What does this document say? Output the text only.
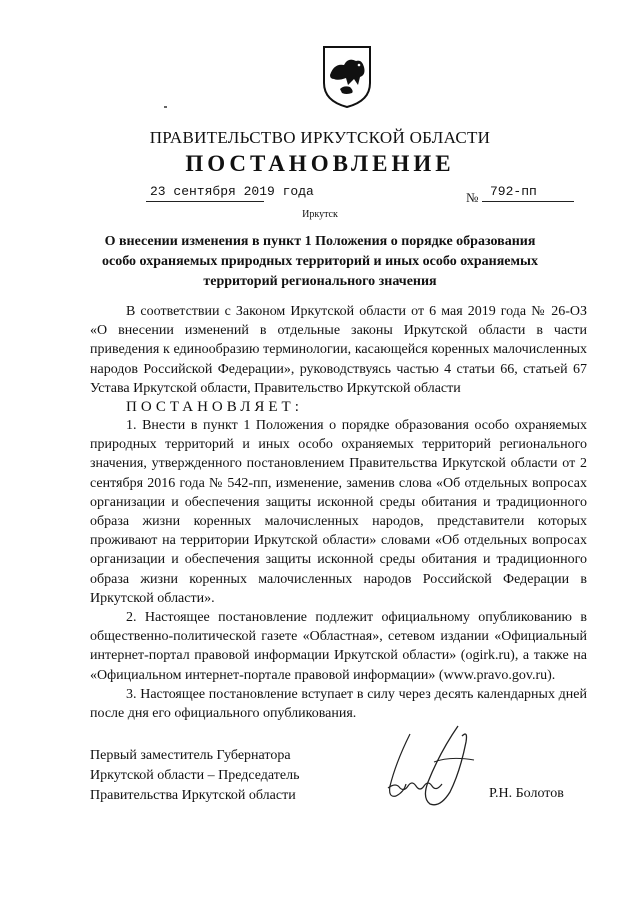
ПРАВИТЕЛЬСТВО ИРКУТСКОЙ ОБЛАСТИ
ПОСТАНОВЛЕНИЕ
23 сентября 2019 года	№ 792-пп
Иркутск
О внесении изменения в пункт 1 Положения о порядке образования особо охраняемых природных территорий и иных особо охраняемых территорий регионального значения

В соответствии с Законом Иркутской области от 6 мая 2019 года № 26-ОЗ «О внесении изменений в отдельные законы Иркутской области в части приведения к единообразию терминологии, касающейся коренных малочисленных народов Российской Федерации», руководствуясь частью 4 статьи 66, статьей 67 Устава Иркутской области, Правительство Иркутской области

ПОСТАНОВЛЯЕТ:

1. Внести в пункт 1 Положения о порядке образования особо охраняемых природных территорий и иных особо охраняемых территорий регионального значения, утвержденного постановлением Правительства Иркутской области от 2 сентября 2016 года № 542-пп, изменение, заменив слова «Об отдельных вопросах организации и обеспечения защиты исконной среды обитания и традиционного образа жизни коренных малочисленных народов, представители которых проживают на территории Иркутской области» словами «Об отдельных вопросах организации и обеспечения защиты исконной среды обитания и традиционного образа жизни коренных малочисленных народов Российской Федерации в Иркутской области».

2. Настоящее постановление подлежит официальному опубликованию в общественно-политической газете «Областная», сетевом издании «Официальный интернет-портал правовой информации Иркутской области» (ogirk.ru), а также на «Официальном интернет-портале правовой информации» (www.pravo.gov.ru).

3. Настоящее постановление вступает в силу через десять календарных дней после дня его официального опубликования.

Первый заместитель Губернатора
Иркутской области – Председатель
Правительства Иркутской области	Р.Н. Болотов
